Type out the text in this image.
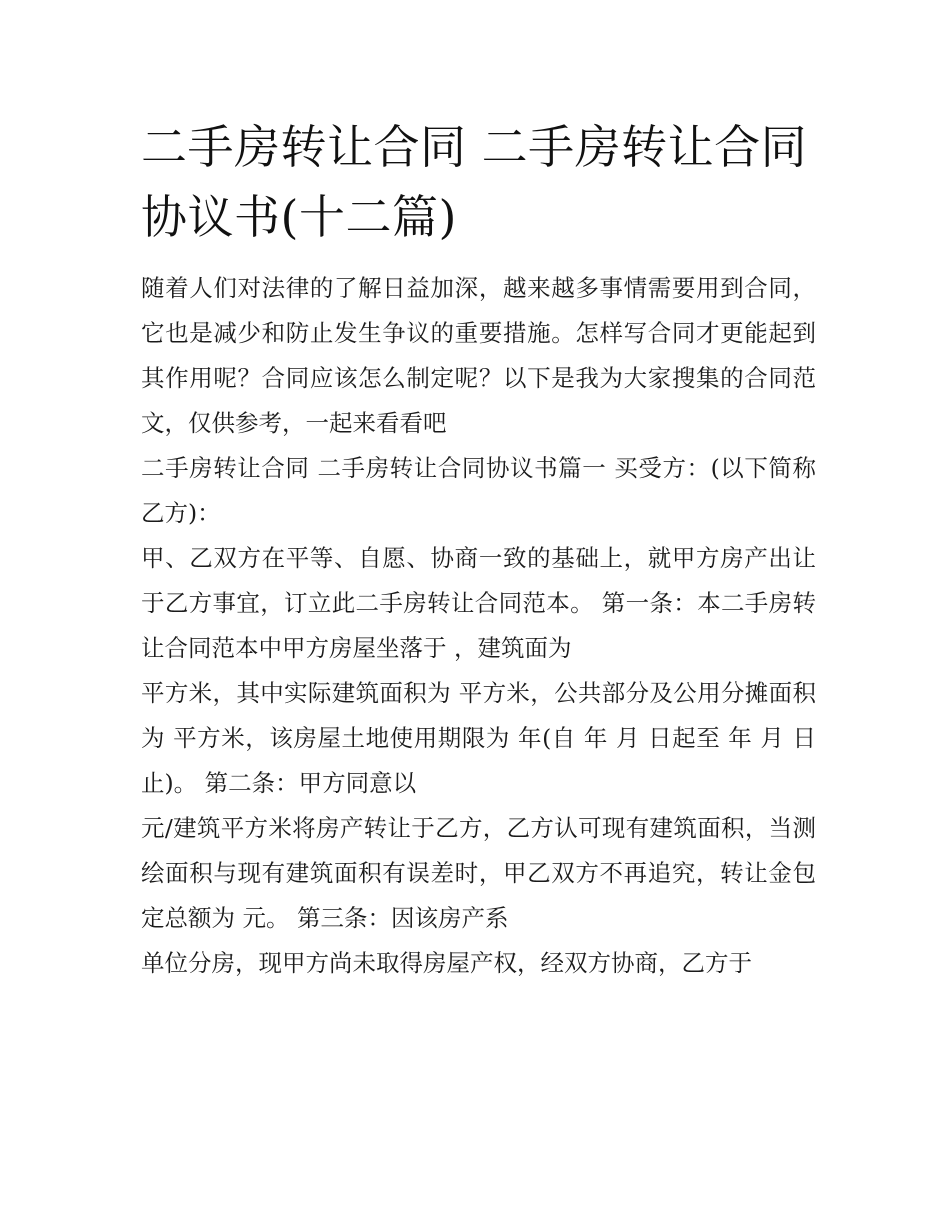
二手房转让合同 二手房转让合同协议书(十二篇)

随着人们对法律的了解日益加深，越来越多事情需要用到合同，它也是减少和防止发生争议的重要措施。怎样写合同才更能起到其作用呢？合同应该怎么制定呢？以下是我为大家搜集的合同范文，仅供参考，一起来看看吧

二手房转让合同 二手房转让合同协议书篇一 买受方：(以下简称乙方)：

甲、乙双方在平等、自愿、协商一致的基础上，就甲方房产出让于乙方事宜，订立此二手房转让合同范本。 第一条：本二手房转让合同范本中甲方房屋坐落于 ，建筑面为

平方米，其中实际建筑面积为 平方米，公共部分及公用分摊面积为 平方米，该房屋土地使用期限为 年(自 年 月 日起至 年 月 日止)。 第二条：甲方同意以

元/建筑平方米将房产转让于乙方，乙方认可现有建筑面积，当测绘面积与现有建筑面积有误差时，甲乙双方不再追究，转让金包定总额为 元。 第三条：因该房产系

单位分房，现甲方尚未取得房屋产权，经双方协商，乙方于
